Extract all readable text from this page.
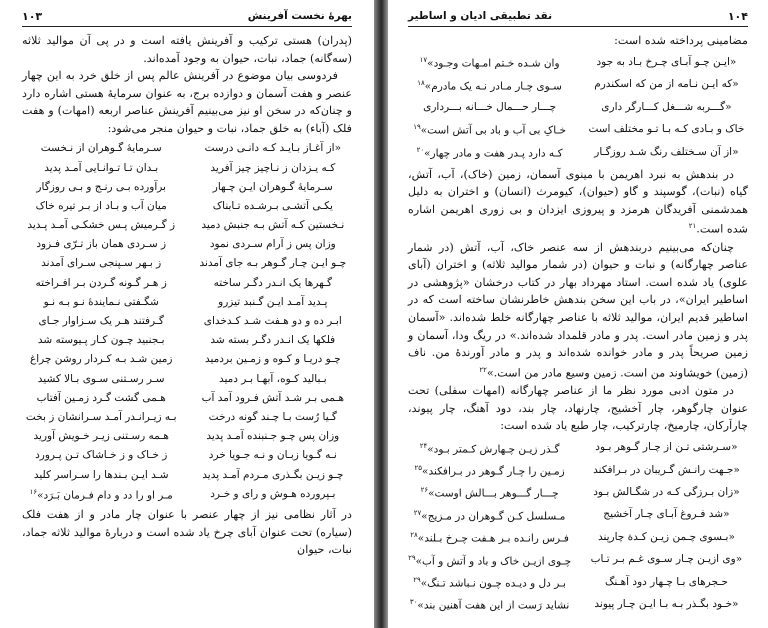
۱۰۳	بهرهٔ نخست آفرینش

(پدران) هستی ترکیب و آفرینش یافته است و در پی آن موالید ثلاثه (سه‌گانه) جماد، نبات، حیوان به وجود آمده‌اند.

فردوسی بیان موضوع در آفرینش عالم پس از خلق خرد به این چهار عنصر و هفت آسمان و دوازده برج، به عنوان سرمایهٔ هستی اشاره دارد و چنان‌که در سخن او نیز می‌بینیم آفرینش عناصر اربعه (امهات) و هفت فلک (آباء) به خلق جماد، نبات و حیوان منجر می‌شود:

«از آغـاز بـایـد کـه دانـی درست
سـرمایهٔ گـوهران از نـخست
کـه یـزدان ز نـاچیز چیز آفرید
بـدان تـا تـوانـایی آمـد پدید
سـرمایهٔ گـوهران ایـن چـهار
برآورده بـی رنـج و بـی روزگار
یکـی آتشـی بـرشـده تـابناک
میان آب و بـاد از بـر تیره خاک
نـخستین کـه آتش بـه جنبش دمید
ز گـرمیش پـس خشکـی آمـد پـدید
وزان پس ز آرام سـردی نمود
ز سـردی همان باز تـرّی فـزود
چـو ایـن چـار گـوهر بـه جای آمدند
ز بـهر سـپنجی سـرای آمدند
گـهرها یک انـدر دگـر ساخته
ز هـر گـونه گـردن بـر افـراخته
پـدید آمـد ایـن گـنبد تیزرو
شگـفتی نـمایندهٔ نـو بـه نـو
ابـر ده و دو هـفت شـد کـدخدای
گـرفتند هـر یک سـزاوار جـای
فلکها یک انـدر دگـر بسته شد
بـجنبید چـون کـار پـیوسته شد
چـو دریـا و کـوه و زمـین بردمید
زمین شـد بـه کـردار روشن چراغ
بـبالید کـوه، آبهـا بـر دمید
سـر رسـتنی سـوی بـالا کشید
هـمی بـر شـد آتش فـرود آمد آب
هـمی گشت گـرد زمـین آفتاب
گـیا رُست بـا چـند گونه درخت
بـه زیـرانـدر آمـد سـرانشان ز بخت
وزان پس چـو جـنبنده آمـد پدید
هـمه رسـتنی زیـر خـویش آورید
نـه گـویا زبـان و نـه جـویا خرد
ز خـاک و ز خـاشاک تـن پـرورد
چـو زیـن بگـذری مـردم آمـد پدید
شـد ایـن بـندها را سـراسر کلید
بـپرورده هـوش و رای و خـرد
مـر او را دد و دام فـرمان بَـرَد»$^{۱۶}$

در آثار نظامی نیز از چهار عنصر با عنوان چار مادر و از هفت فلک (سیاره) تحت عنوان آبای چرخ یاد شده است و دربارهٔ موالید ثلاثه جماد، نبات، حیوان

نقد تطبیقی ادیان و اساطیر	۱۰۴

مضامینی پرداخته شده است:

«ایـن چـو آبـای چـرخ بـاد به جود
وان شـده خـتم امـهات وجـود»$^{۱۷}$
«که ایـن نـامه از من که اسکندرم
سـوی چـار مـادر نـه یک مادرم»$^{۱۸}$
«گـــربه شـــغل کـــارگر داری
چـــار حـــمال خـــانه بـــرداری
خاک و بـادی کـه بـا تـو مختلف است
خـاکِ بی آب و باد بی آتش است»$^{۱۹}$
«از آن سـختلف رنگ شـد روزگـار
کـه دارد پـدر هفت و مادر چهار»$^{۲۰}$

در بندهش به نبرد اهریمن با مینوی آسمان، زمین (خاک)، آب، آتش، گیاه (نبات)، گوسپند و گاو (حیوان)، کیومرث (انسان) و اختران به دلیل همدشمنی آفریدگان هرمزد و پیروزی ایزدان و بی زوری اهریمن اشاره شده است.$^{۲۱}$

چنان‌که می‌بینیم دربندهش از سه عنصر خاک، آب، آتش (در شمار عناصر چهارگانه) و نبات و حیوان (در شمار موالید ثلاثه) و اختران (آبای علوی) یاد شده است. استاد مهرداد بهار در کتاب درخشان «پژوهشی در اساطیر ایران»، در باب این سخن بندهش خاطرنشان ساخته است که در اساطیر قدیم ایران، موالید ثلاثه با عناصر چهارگانه خلط شده‌اند. «آسمان پدر و زمین مادر است. پدر و مادر قلمداد شده‌اند.» در ریگ ودا، آسمان و زمین صریحاً پدر و مادر خوانده شده‌اند و پدر و مادر آورندهٔ من. ناف (زمین) خویشاوند من است. زمین وسیع مادر من است.»$^{۲۲}$

در متون ادبی مورد نظر ما از عناصر چهارگانه (امهات سفلی) تحت عنوان چارگوهر، چار آخشیج، چارنهاد، چار بند، دود آهنگ، چار پیوند، چاراَرکان، چارمیخ، چارترکیب، چار طبع یاد شده است:

«سـرشتی تـن از چـار گـوهر بـود
گـذر زیـن چـهارش کـمتر بـود»$^{۲۴}$
«جـهت رانـش گـریبان در بـرافکند
زمـین را چـار گـوهر در بـرافکند»$^{۲۵}$
«زان بـرزگی کـه در شگـالش بـود
چـــار گـــوهر بـــالش اوست»$^{۲۶}$
«شد فـروغ آبـای چـار آخشیج
مـسلسل کـن گـوهران در مـزیج»$^{۲۷}$
«بـسوی چـمن زیـن کـدة چارپند
فـرس رانـده بـر هـفت چـرخ بـلند»$^{۲۸}$
«وی ازیـن چـار سـوی غـم بـر تـاب
چـوی ازیـن خاک و باد و آتش و آب»$^{۲۹}$
حـجرهای بـا چـهار دود آهـنگ
بـر دل و دیـده چـون نـباشد تـنگ»$^{۲۹}$
«خـود بگـذر بـه بـا ایـن چـار پیوند
نشاید رَست از این هفت آهنین بند»$^{۳۰}$
